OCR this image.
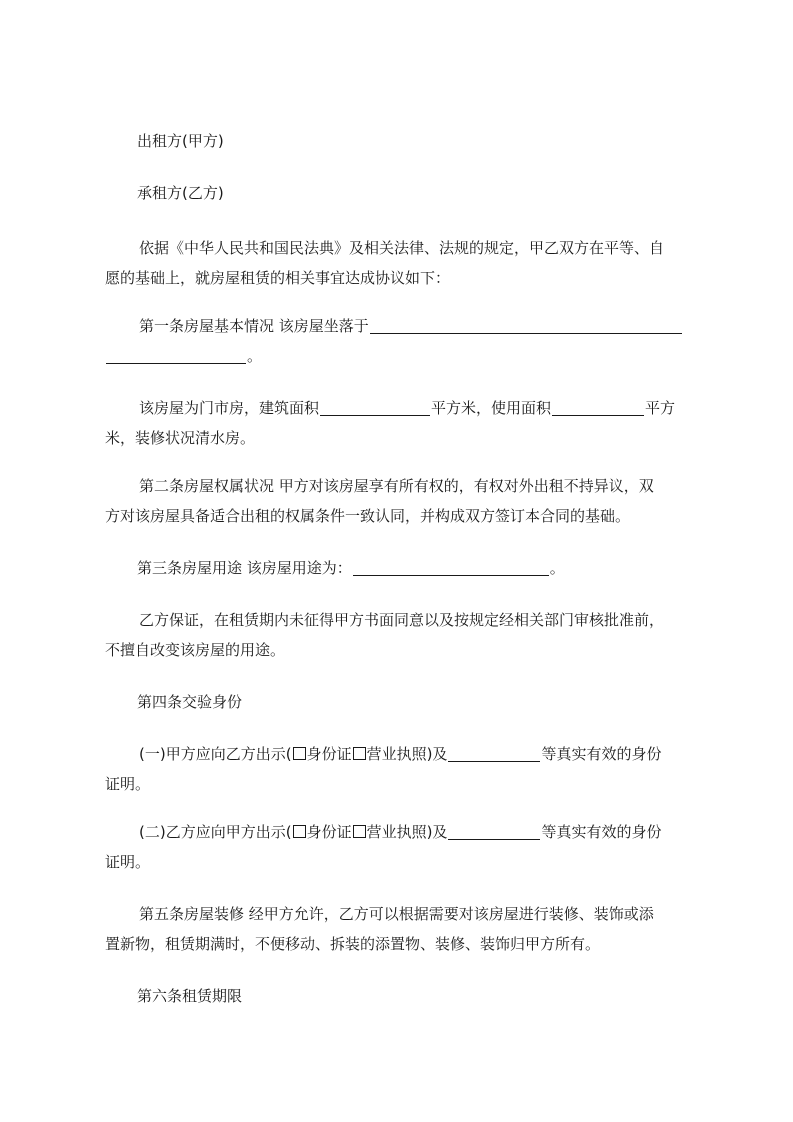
出租方(甲方)

承租方(乙方)

依据《中华人民共和国民法典》及相关法律、法规的规定，甲乙双方在平等、自

愿的基础上，就房屋租赁的相关事宜达成协议如下：

第一条房屋基本情况 该房屋坐落于

。

该房屋为门市房，建筑面积	平方米，使用面积	平方

米，装修状况清水房。

第二条房屋权属状况 甲方对该房屋享有所有权的，有权对外出租不持异议，双

方对该房屋具备适合出租的权属条件一致认同，并构成双方签订本合同的基础。

第三条房屋用途 该房屋用途为：	。

乙方保证，在租赁期内未征得甲方书面同意以及按规定经相关部门审核批准前，

不擅自改变该房屋的用途。

第四条交验身份

(一)甲方应向乙方出示( 身份证 营业执照)及	等真实有效的身份

证明。

(二)乙方应向甲方出示( 身份证 营业执照)及	等真实有效的身份

证明。

第五条房屋装修 经甲方允许，乙方可以根据需要对该房屋进行装修、装饰或添

置新物，租赁期满时，不便移动、拆装的添置物、装修、装饰归甲方所有。

第六条租赁期限
